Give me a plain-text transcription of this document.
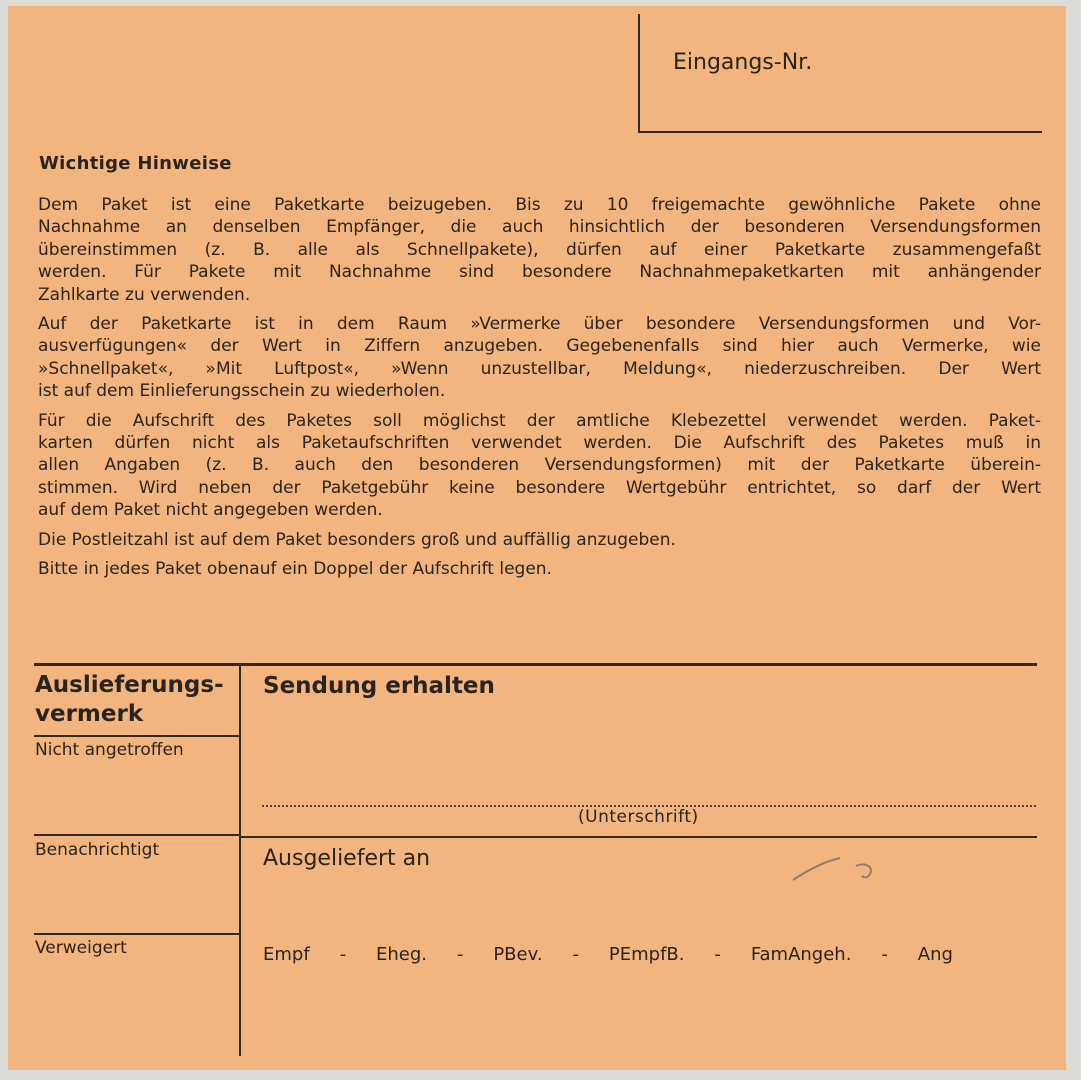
Eingangs-Nr.
Wichtige Hinweise
Dem Paket ist eine Paketkarte beizugeben. Bis zu 10 freigemachte gewöhnliche Pakete ohne
Nachnahme an denselben Empfänger, die auch hinsichtlich der besonderen Versendungsformen
übereinstimmen (z. B. alle als Schnellpakete), dürfen auf einer Paketkarte zusammengefaßt
werden. Für Pakete mit Nachnahme sind besondere Nachnahmepaketkarten mit anhängender
Zahlkarte zu verwenden.
Auf der Paketkarte ist in dem Raum »Vermerke über besondere Versendungsformen und Vor-
ausverfügungen« der Wert in Ziffern anzugeben. Gegebenenfalls sind hier auch Vermerke, wie
»Schnellpaket«, »Mit Luftpost«, »Wenn unzustellbar, Meldung«, niederzuschreiben. Der Wert
ist auf dem Einlieferungsschein zu wiederholen.
Für die Aufschrift des Paketes soll möglichst der amtliche Klebezettel verwendet werden. Paket-
karten dürfen nicht als Paketaufschriften verwendet werden. Die Aufschrift des Paketes muß in
allen Angaben (z. B. auch den besonderen Versendungsformen) mit der Paketkarte überein-
stimmen. Wird neben der Paketgebühr keine besondere Wertgebühr entrichtet, so darf der Wert
auf dem Paket nicht angegeben werden.
Die Postleitzahl ist auf dem Paket besonders groß und auffällig anzugeben.
Bitte in jedes Paket obenauf ein Doppel der Aufschrift legen.
Auslieferungs-
vermerk
Nicht angetroffen
Benachrichtigt
Verweigert
Sendung erhalten
(Unterschrift)
Ausgeliefert an
Empf - Eheg. - PBev. - PEmpfB. - FamAngeh. - Ang
